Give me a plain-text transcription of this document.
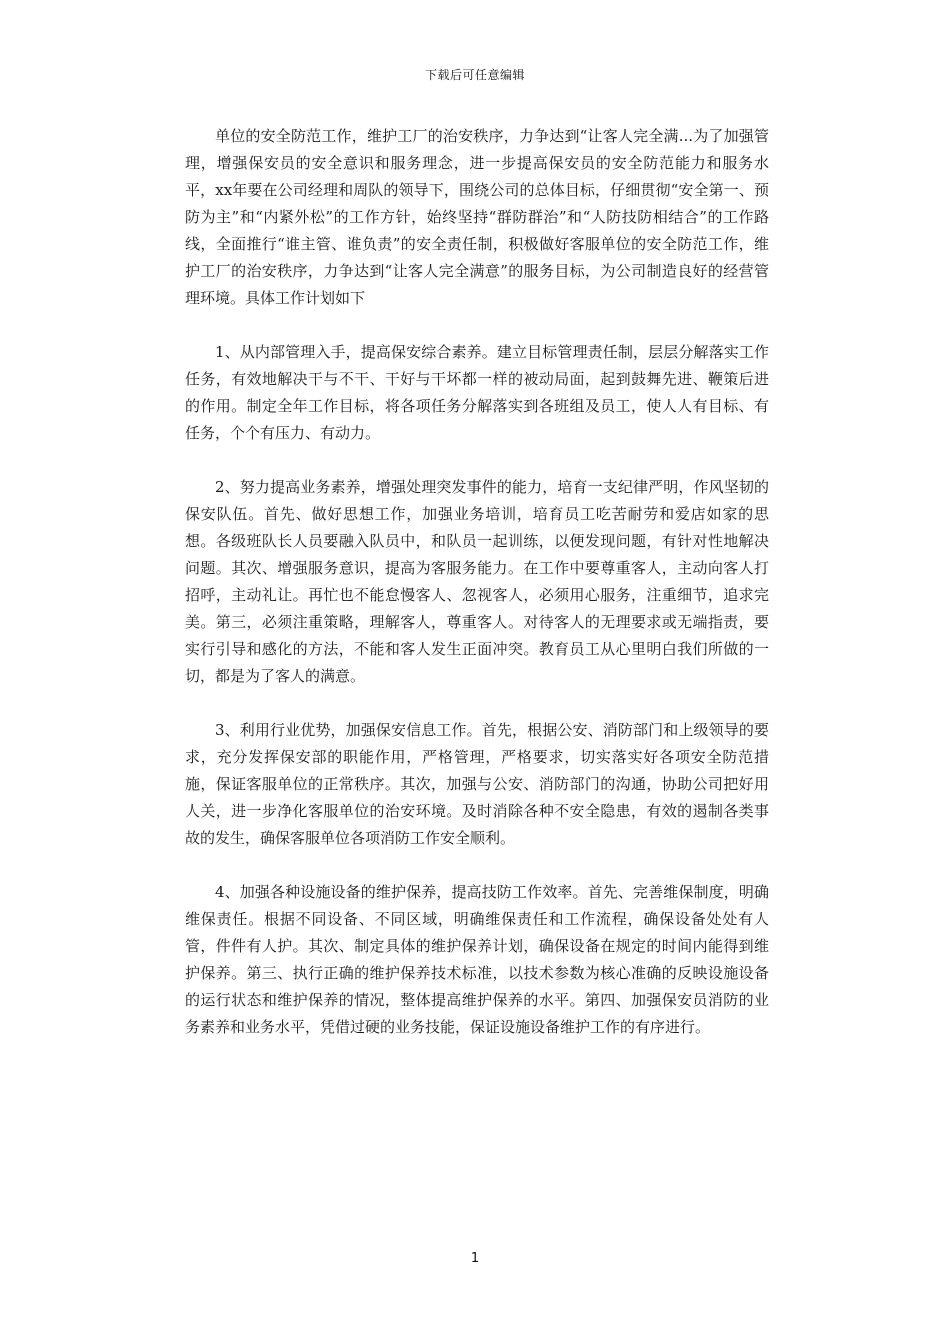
下载后可任意编辑

单位的安全防范工作，维护工厂的治安秩序，力争达到“让客人完全满...为了加强管理，增强保安员的安全意识和服务理念，进一步提高保安员的安全防范能力和服务水平，xx年要在公司经理和周队的领导下，围绕公司的总体目标，仔细贯彻“安全第一、预防为主”和“内紧外松”的工作方针，始终坚持“群防群治”和“人防技防相结合”的工作路线，全面推行“谁主管、谁负责”的安全责任制，积极做好客服单位的安全防范工作，维护工厂的治安秩序，力争达到“让客人完全满意”的服务目标，为公司制造良好的经营管理环境。具体工作计划如下

1、从内部管理入手，提高保安综合素养。建立目标管理责任制，层层分解落实工作任务，有效地解决干与不干、干好与干坏都一样的被动局面，起到鼓舞先进、鞭策后进的作用。制定全年工作目标，将各项任务分解落实到各班组及员工，使人人有目标、有任务，个个有压力、有动力。

2、努力提高业务素养，增强处理突发事件的能力，培育一支纪律严明，作风坚韧的保安队伍。首先、做好思想工作，加强业务培训，培育员工吃苦耐劳和爱店如家的思想。各级班队长人员要融入队员中，和队员一起训练，以便发现问题，有针对性地解决问题。其次、增强服务意识，提高为客服务能力。在工作中要尊重客人，主动向客人打招呼，主动礼让。再忙也不能怠慢客人、忽视客人，必须用心服务，注重细节，追求完美。第三，必须注重策略，理解客人，尊重客人。对待客人的无理要求或无端指责，要实行引导和感化的方法，不能和客人发生正面冲突。教育员工从心里明白我们所做的一切，都是为了客人的满意。

3、利用行业优势，加强保安信息工作。首先，根据公安、消防部门和上级领导的要求，充分发挥保安部的职能作用，严格管理，严格要求，切实落实好各项安全防范措施，保证客服单位的正常秩序。其次，加强与公安、消防部门的沟通，协助公司把好用人关，进一步净化客服单位的治安环境。及时消除各种不安全隐患，有效的遏制各类事故的发生，确保客服单位各项消防工作安全顺利。

4、加强各种设施设备的维护保养，提高技防工作效率。首先、完善维保制度，明确维保责任。根据不同设备、不同区域，明确维保责任和工作流程，确保设备处处有人管，件件有人护。其次、制定具体的维护保养计划，确保设备在规定的时间内能得到维护保养。第三、执行正确的维护保养技术标准，以技术参数为核心准确的反映设施设备的运行状态和维护保养的情况，整体提高维护保养的水平。第四、加强保安员消防的业务素养和业务水平，凭借过硬的业务技能，保证设施设备维护工作的有序进行。

1
